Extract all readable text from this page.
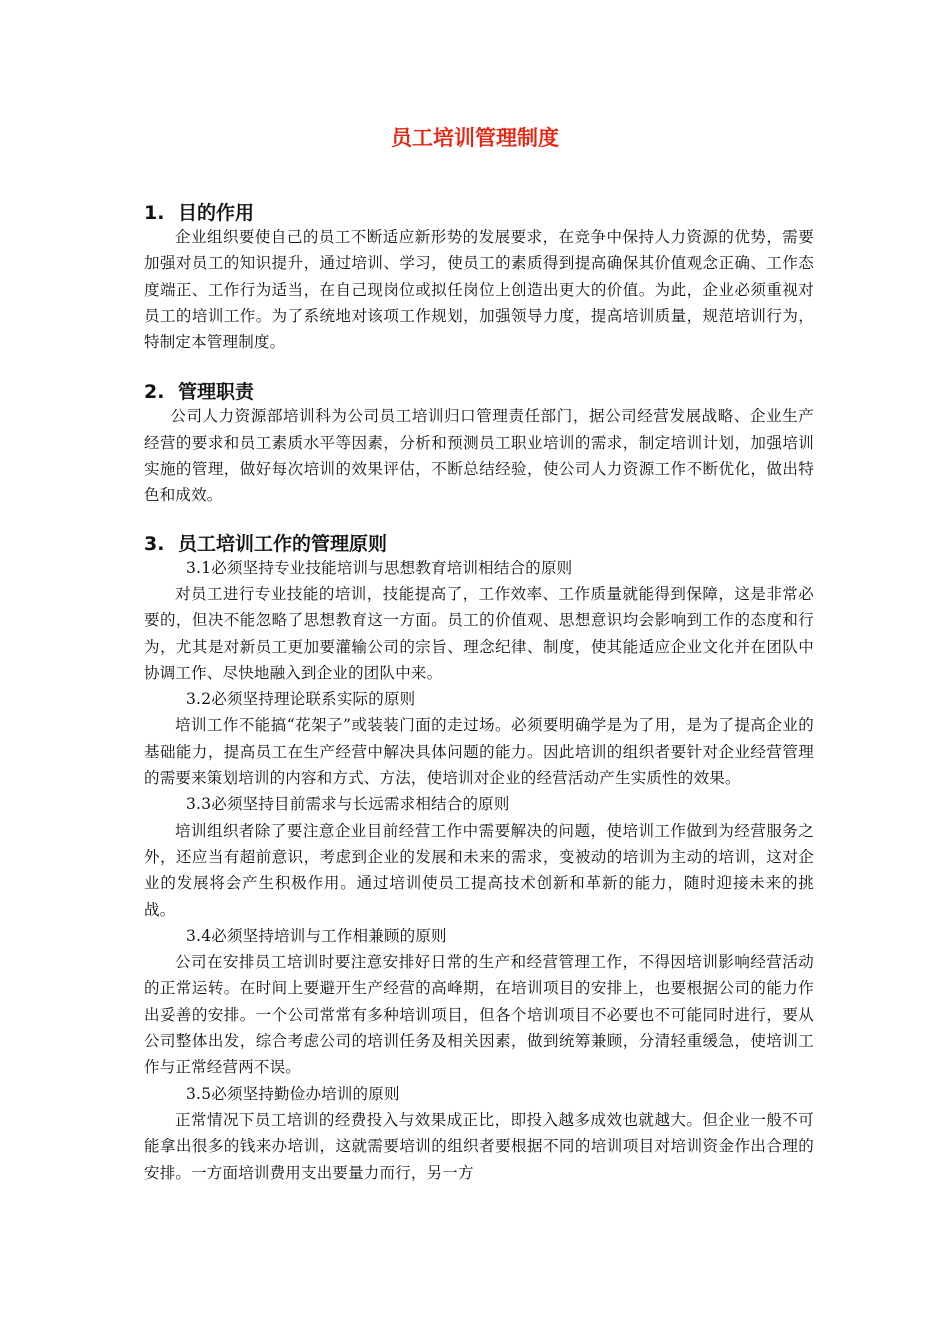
员工培训管理制度
1. 目的作用

企业组织要使自己的员工不断适应新形势的发展要求，在竞争中保持人力资源的优势，需要加强对员工的知识提升，通过培训、学习，使员工的素质得到提高确保其价值观念正确、工作态度端正、工作行为适当，在自己现岗位或拟任岗位上创造出更大的价值。为此，企业必须重视对员工的培训工作。为了系统地对该项工作规划，加强领导力度，提高培训质量，规范培训行为，特制定本管理制度。

2. 管理职责

公司人力资源部培训科为公司员工培训归口管理责任部门，据公司经营发展战略、企业生产经营的要求和员工素质水平等因素，分析和预测员工职业培训的需求，制定培训计划，加强培训实施的管理，做好每次培训的效果评估，不断总结经验，使公司人力资源工作不断优化，做出特色和成效。

3. 员工培训工作的管理原则
3.1必须坚持专业技能培训与思想教育培训相结合的原则

对员工进行专业技能的培训，技能提高了，工作效率、工作质量就能得到保障，这是非常必要的，但决不能忽略了思想教育这一方面。员工的价值观、思想意识均会影响到工作的态度和行为，尤其是对新员工更加要灌输公司的宗旨、理念纪律、制度，使其能适应企业文化并在团队中协调工作、尽快地融入到企业的团队中来。

3.2必须坚持理论联系实际的原则

培训工作不能搞“花架子”或装装门面的走过场。必须要明确学是为了用，是为了提高企业的基础能力，提高员工在生产经营中解决具体问题的能力。因此培训的组织者要针对企业经营管理的需要来策划培训的内容和方式、方法，使培训对企业的经营活动产生实质性的效果。

3.3必须坚持目前需求与长远需求相结合的原则

培训组织者除了要注意企业目前经营工作中需要解决的问题，使培训工作做到为经营服务之外，还应当有超前意识，考虑到企业的发展和未来的需求，变被动的培训为主动的培训，这对企业的发展将会产生积极作用。通过培训使员工提高技术创新和革新的能力，随时迎接未来的挑战。

3.4必须坚持培训与工作相兼顾的原则

公司在安排员工培训时要注意安排好日常的生产和经营管理工作，不得因培训影响经营活动的正常运转。在时间上要避开生产经营的高峰期，在培训项目的安排上，也要根据公司的能力作出妥善的安排。一个公司常常有多种培训项目，但各个培训项目不必要也不可能同时进行，要从公司整体出发，综合考虑公司的培训任务及相关因素，做到统筹兼顾，分清轻重缓急，使培训工作与正常经营两不误。

3.5必须坚持勤俭办培训的原则

正常情况下员工培训的经费投入与效果成正比，即投入越多成效也就越大。但企业一般不可能拿出很多的钱来办培训，这就需要培训的组织者要根据不同的培训项目对培训资金作出合理的安排。一方面培训费用支出要量力而行，另一方
